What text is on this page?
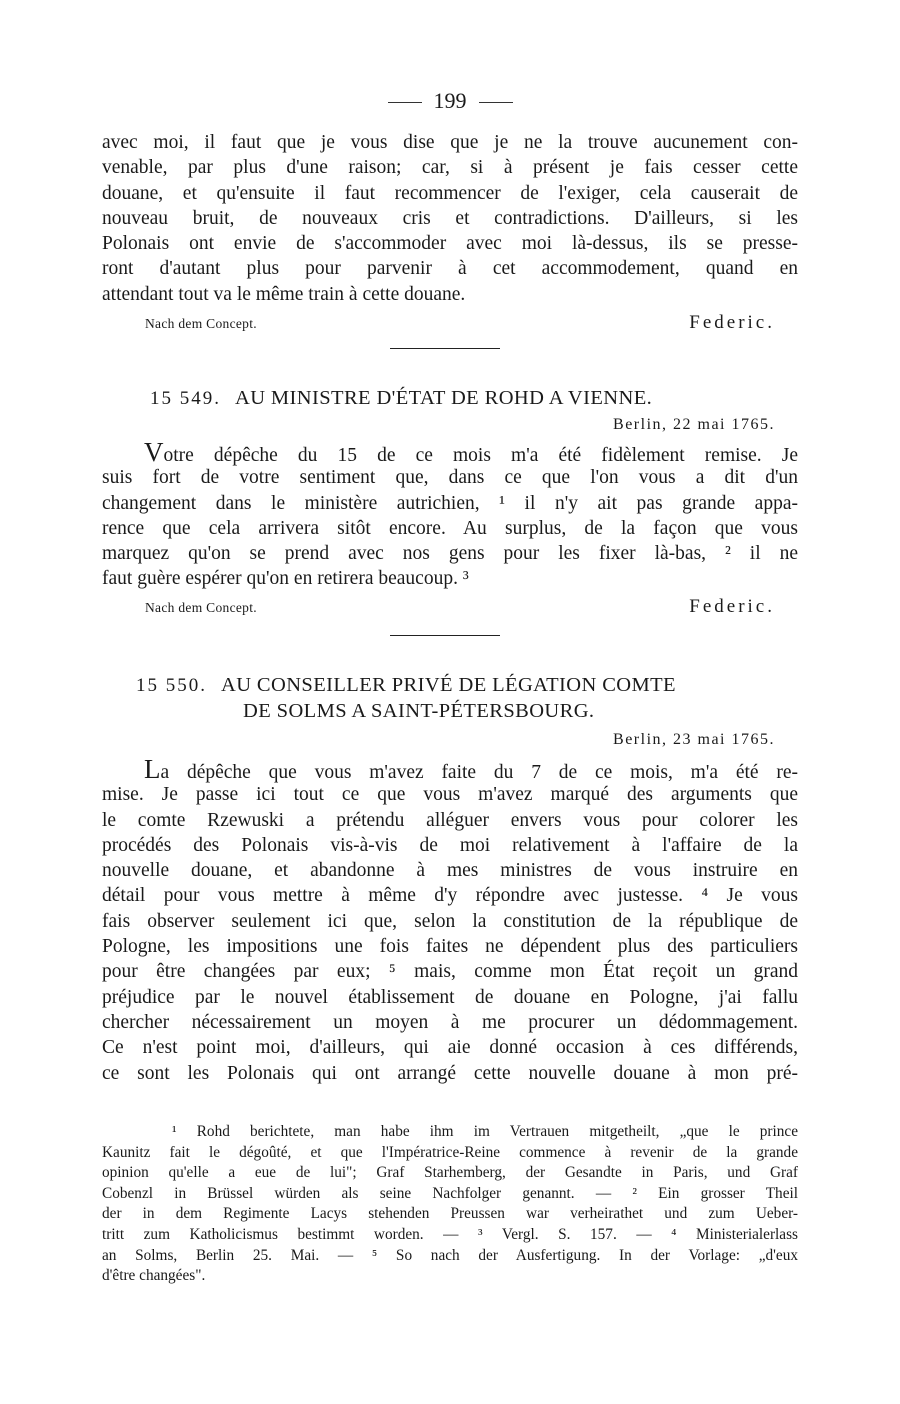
199
avec moi, il faut que je vous dise que je ne la trouve aucunement con-
venable, par plus d'une raison; car, si à présent je fais cesser cette
douane, et qu'ensuite il faut recommencer de l'exiger, cela causerait de
nouveau bruit, de nouveaux cris et contradictions. D'ailleurs, si les
Polonais ont envie de s'accommoder avec moi là-dessus, ils se presse-
ront d'autant plus pour parvenir à cet accommodement, quand en
attendant tout va le même train à cette douane.
Nach dem Concept.	Federic.
15 549. AU MINISTRE D'ÉTAT DE ROHD A VIENNE.
Berlin, 22 mai 1765.
Votre dépêche du 15 de ce mois m'a été fidèlement remise. Je
suis fort de votre sentiment que, dans ce que l'on vous a dit d'un
changement dans le ministère autrichien, ¹ il n'y ait pas grande appa-
rence que cela arrivera sitôt encore. Au surplus, de la façon que vous
marquez qu'on se prend avec nos gens pour les fixer là-bas, ² il ne
faut guère espérer qu'on en retirera beaucoup. ³
Nach dem Concept.	Federic.
15 550. AU CONSEILLER PRIVÉ DE LÉGATION COMTE
DE SOLMS A SAINT-PÉTERSBOURG.
Berlin, 23 mai 1765.
La dépêche que vous m'avez faite du 7 de ce mois, m'a été re-
mise. Je passe ici tout ce que vous m'avez marqué des arguments que
le comte Rzewuski a prétendu alléguer envers vous pour colorer les
procédés des Polonais vis-à-vis de moi relativement à l'affaire de la
nouvelle douane, et abandonne à mes ministres de vous instruire en
détail pour vous mettre à même d'y répondre avec justesse. ⁴ Je vous
fais observer seulement ici que, selon la constitution de la république de
Pologne, les impositions une fois faites ne dépendent plus des particuliers
pour être changées par eux; ⁵ mais, comme mon État reçoit un grand
préjudice par le nouvel établissement de douane en Pologne, j'ai fallu
chercher nécessairement un moyen à me procurer un dédommagement.
Ce n'est point moi, d'ailleurs, qui aie donné occasion à ces différends,
ce sont les Polonais qui ont arrangé cette nouvelle douane à mon pré-
¹ Rohd berichtete, man habe ihm im Vertrauen mitgetheilt, „que le prince
Kaunitz fait le dégoûté, et que l'Impératrice-Reine commence à revenir de la grande
opinion qu'elle a eue de lui"; Graf Starhemberg, der Gesandte in Paris, und Graf
Cobenzl in Brüssel würden als seine Nachfolger genannt. — ² Ein grosser Theil
der in dem Regimente Lacys stehenden Preussen war verheirathet und zum Ueber-
tritt zum Katholicismus bestimmt worden. — ³ Vergl. S. 157. — ⁴ Ministerialerlass
an Solms, Berlin 25. Mai. — ⁵ So nach der Ausfertigung. In der Vorlage: „d'eux
d'être changées".
